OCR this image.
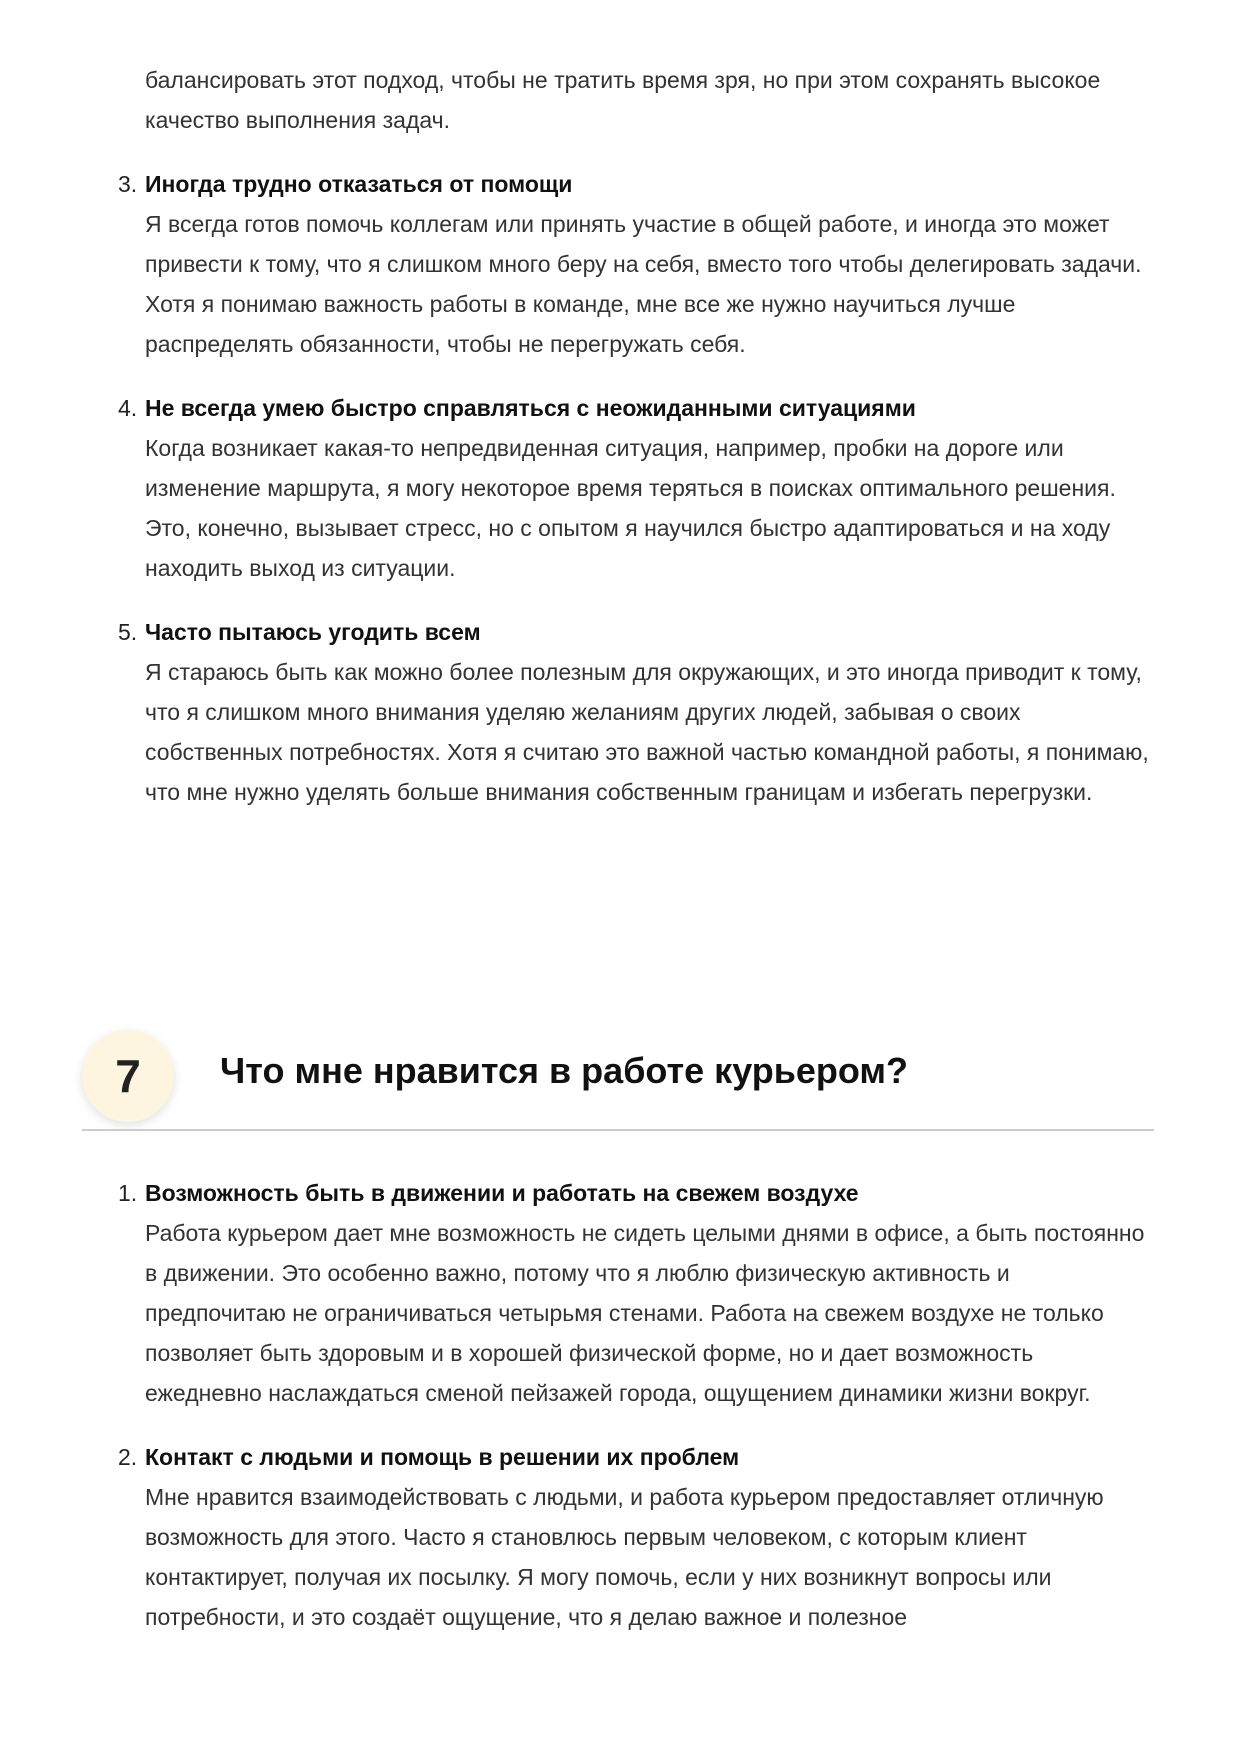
балансировать этот подход, чтобы не тратить время зря, но при этом сохранять высокое качество выполнения задач.

3. Иногда трудно отказаться от помощи
Я всегда готов помочь коллегам или принять участие в общей работе, и иногда это может привести к тому, что я слишком много беру на себя, вместо того чтобы делегировать задачи. Хотя я понимаю важность работы в команде, мне все же нужно научиться лучше распределять обязанности, чтобы не перегружать себя.
4. Не всегда умею быстро справляться с неожиданными ситуациями
Когда возникает какая-то непредвиденная ситуация, например, пробки на дороге или изменение маршрута, я могу некоторое время теряться в поисках оптимального решения. Это, конечно, вызывает стресс, но с опытом я научился быстро адаптироваться и на ходу находить выход из ситуации.
5. Часто пытаюсь угодить всем
Я стараюсь быть как можно более полезным для окружающих, и это иногда приводит к тому, что я слишком много внимания уделяю желаниям других людей, забывая о своих собственных потребностях. Хотя я считаю это важной частью командной работы, я понимаю, что мне нужно уделять больше внимания собственным границам и избегать перегрузки.
7	Что мне нравится в работе курьером?
1. Возможность быть в движении и работать на свежем воздухе
Работа курьером дает мне возможность не сидеть целыми днями в офисе, а быть постоянно в движении. Это особенно важно, потому что я люблю физическую активность и предпочитаю не ограничиваться четырьмя стенами. Работа на свежем воздухе не только позволяет быть здоровым и в хорошей физической форме, но и дает возможность ежедневно наслаждаться сменой пейзажей города, ощущением динамики жизни вокруг.
2. Контакт с людьми и помощь в решении их проблем
Мне нравится взаимодействовать с людьми, и работа курьером предоставляет отличную возможность для этого. Часто я становлюсь первым человеком, с которым клиент контактирует, получая их посылку. Я могу помочь, если у них возникнут вопросы или потребности, и это создаёт ощущение, что я делаю важное и полезное
